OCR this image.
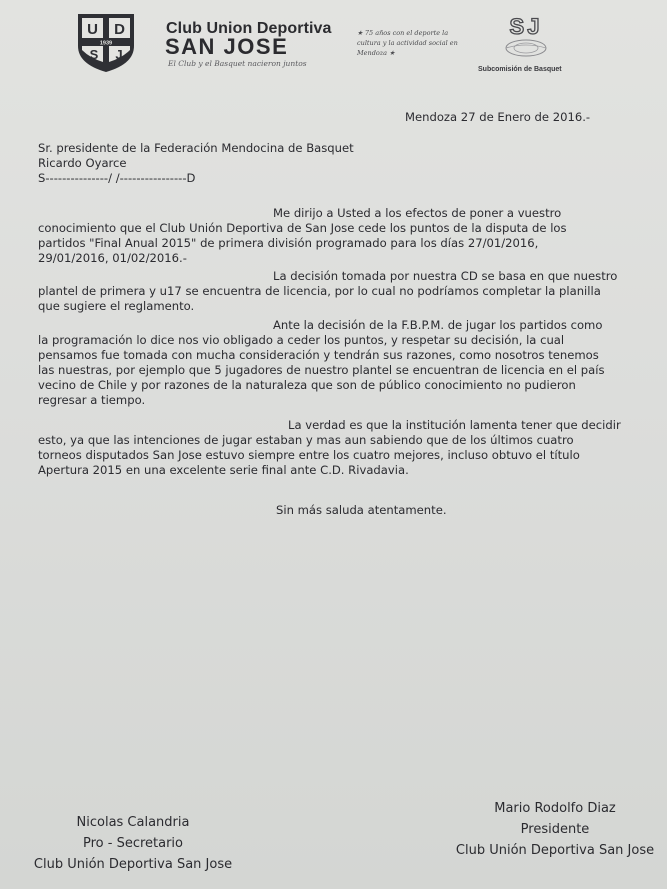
U D
1939
S J
Club Union Deportiva
SAN JOSE
El Club y el Basquet nacieron juntos
★ 75 años con el deporte la cultura y la actividad social en Mendoza ★
SJ
Subcomisión de Basquet
Mendoza 27 de Enero de 2016.-
Sr. presidente de la Federación Mendocina de Basquet
Ricardo Oyarce
S---------------/ /----------------D
Me dirijo a Usted a los efectos de poner a vuestro
conocimiento que el Club Unión Deportiva de San Jose cede los puntos de la disputa de los
partidos "Final Anual 2015" de primera división programado para los días 27/01/2016,
29/01/2016, 01/02/2016.-
La decisión tomada por nuestra CD se basa en que nuestro
plantel de primera y u17 se encuentra de licencia, por lo cual no podríamos completar la planilla
que sugiere el reglamento.
Ante la decisión de la F.B.P.M. de jugar los partidos como
la programación lo dice nos vio obligado a ceder los puntos, y respetar su decisión, la cual
pensamos fue tomada con mucha consideración y tendrán sus razones, como nosotros tenemos
las nuestras, por ejemplo que 5 jugadores de nuestro plantel se encuentran de licencia en el país
vecino de Chile y por razones de la naturaleza que son de público conocimiento no pudieron
regresar a tiempo.
La verdad es que la institución lamenta tener que decidir
esto, ya que las intenciones de jugar estaban y mas aun sabiendo que de los últimos cuatro
torneos disputados San Jose estuvo siempre entre los cuatro mejores, incluso obtuvo el título
Apertura 2015 en una excelente serie final ante C.D. Rivadavia.
Sin más saluda atentamente.
Nicolas Calandria
Pro - Secretario
Club Unión Deportiva San Jose
Mario Rodolfo Diaz
Presidente
Club Unión Deportiva San Jose
